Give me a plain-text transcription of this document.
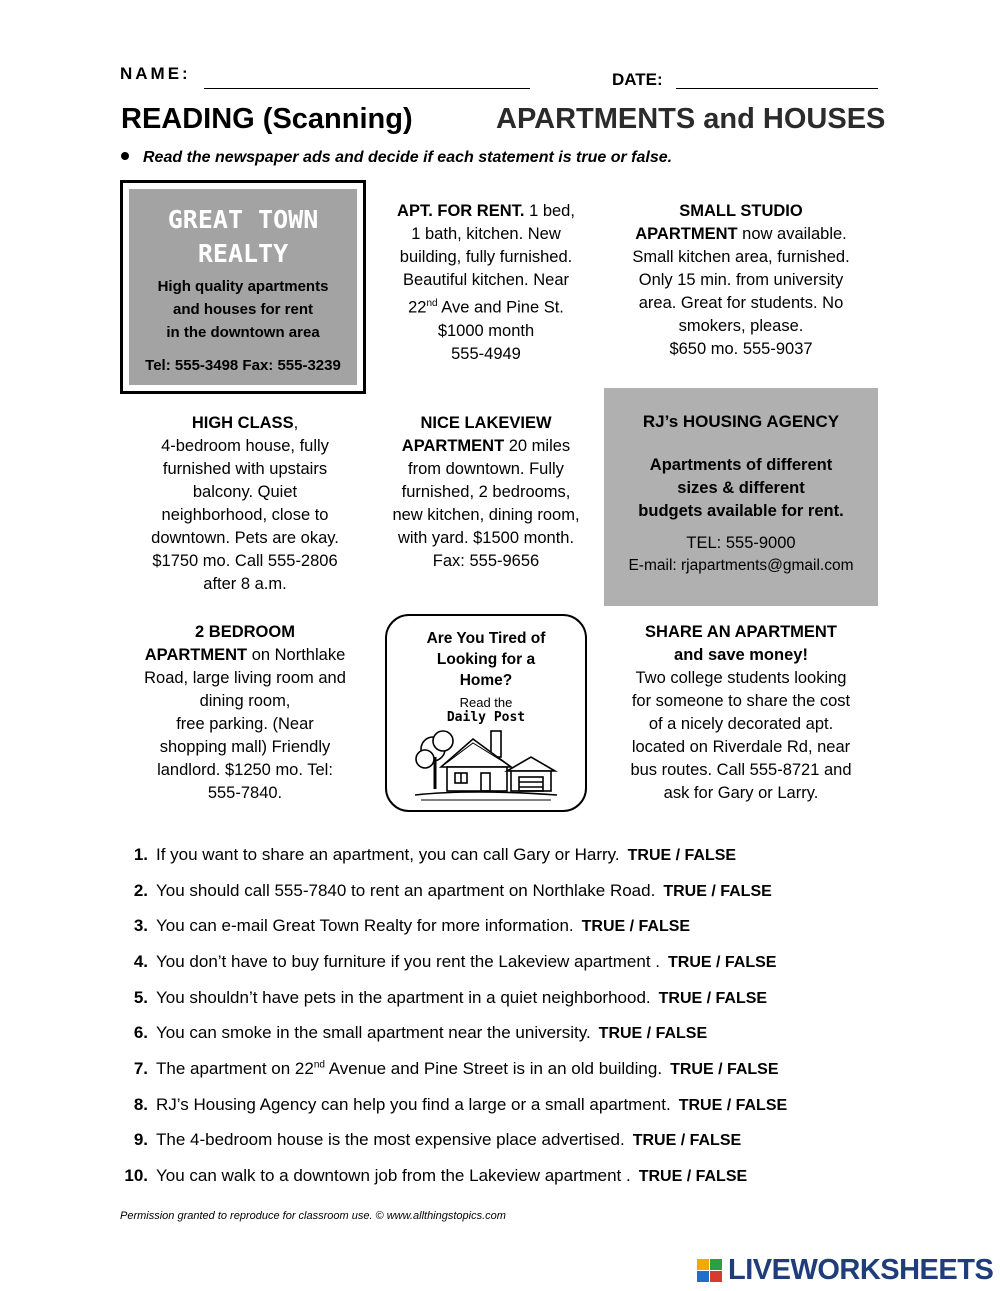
NAME:	DATE:
READING (Scanning)	APARTMENTS and HOUSES
Read the newspaper ads and decide if each statement is true or false.
GREAT TOWN
REALTY
High quality apartments
and houses for rent
in the downtown area
Tel: 555-3498 Fax: 555-3239
APT. FOR RENT. 1 bed,
1 bath, kitchen. New
building, fully furnished.
Beautiful kitchen. Near
22nd Ave and Pine St.
$1000 month
555-4949
SMALL STUDIO
APARTMENT now available.
Small kitchen area, furnished.
Only 15 min. from university
area. Great for students. No
smokers, please.
$650 mo. 555-9037
HIGH CLASS,
4-bedroom house, fully
furnished with upstairs
balcony. Quiet
neighborhood, close to
downtown. Pets are okay.
$1750 mo. Call 555-2806
after 8 a.m.
NICE LAKEVIEW
APARTMENT 20 miles
from downtown. Fully
furnished, 2 bedrooms,
new kitchen, dining room,
with yard. $1500 month.
Fax: 555-9656
RJ’s HOUSING AGENCY
Apartments of different
sizes & different
budgets available for rent.
TEL: 555-9000
E-mail: rjapartments@gmail.com
2 BEDROOM
APARTMENT on Northlake
Road, large living room and
dining room,
free parking. (Near
shopping mall) Friendly
landlord. $1250 mo. Tel:
555-7840.
Are You Tired of
Looking for a
Home?
Read the
Daily Post
SHARE AN APARTMENT
and save money!
Two college students looking
for someone to share the cost
of a nicely decorated apt.
located on Riverdale Rd, near
bus routes. Call 555-8721 and
ask for Gary or Larry.
1. If you want to share an apartment, you can call Gary or Harry. TRUE / FALSE
2. You should call 555-7840 to rent an apartment on Northlake Road. TRUE / FALSE
3. You can e-mail Great Town Realty for more information. TRUE / FALSE
4. You don’t have to buy furniture if you rent the Lakeview apartment . TRUE / FALSE
5. You shouldn’t have pets in the apartment in a quiet neighborhood. TRUE / FALSE
6. You can smoke in the small apartment near the university. TRUE / FALSE
7. The apartment on 22nd Avenue and Pine Street is in an old building. TRUE / FALSE
8. RJ’s Housing Agency can help you find a large or a small apartment. TRUE / FALSE
9. The 4-bedroom house is the most expensive place advertised. TRUE / FALSE
10. You can walk to a downtown job from the Lakeview apartment . TRUE / FALSE
Permission granted to reproduce for classroom use. © www.allthingstopics.com
LIVEWORKSHEETS
